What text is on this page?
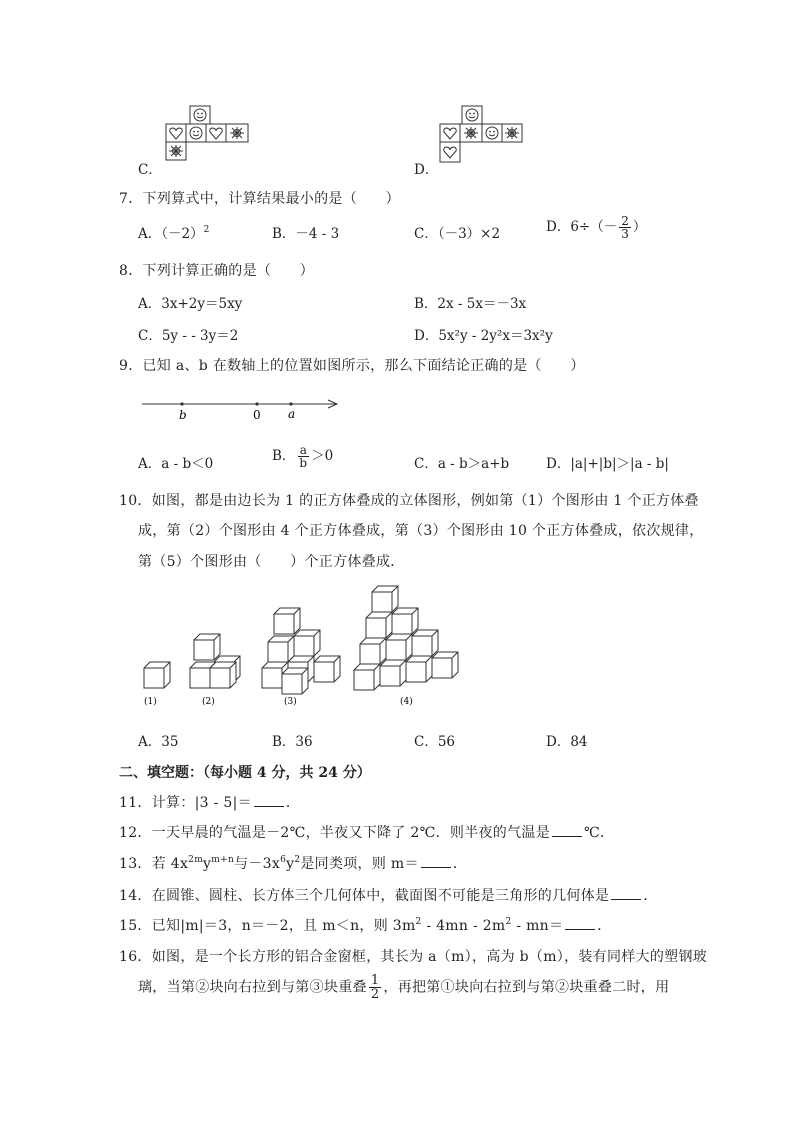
C．	D．
7．下列算式中，计算结果最小的是（　　）
A．$(-2)^2$	B．－4 - 3	C．（－3）×2	D．$6\div(- \frac{2}{3}$ ）
8．下列计算正确的是（　　）
A．3x+2y＝5xy	B．2x - 5x＝－3x
C．5y - - 3y＝2	D．5x²y - 2y²x＝3x²y
9．已知 a、b 在数轴上的位置如图所示，那么下面结论正确的是（　　）
b	0 a
A．a - b＜0	B． $\frac{a}{b} >0$	C．a - b＞a+b	D．|a|+|b|＞|a - b|
10．如图，都是由边长为 1 的正方体叠成的立体图形，例如第（1）个图形由 1 个正方体叠
成，第（2）个图形由 4 个正方体叠成，第（3）个图形由 10 个正方体叠成，依次规律，
第（5）个图形由（　　）个正方体叠成．
(1)	(2)	(3)	(4)
A．35	B．36	C．56	D．84
二、填空题：（每小题 4 分，共 24 分）
11．计算：|3 - 5|＝ ．
12．一天早晨的气温是－2℃，半夜又下降了 2℃．则半夜的气温是 ℃．
13．若 $4x^{2m}y^{m+n}$与$-3x^6y^2$是同类项，则 m＝ ．
14．在圆锥、圆柱、长方体三个几何体中，截面图不可能是三角形的几何体是 ．
15．已知|m|＝3，n＝－2，且 m＜n，则 $3m^2 - 4mn - 2m^2 - mn=$ ．
16．如图，是一个长方形的铝合金窗框，其长为 a（m），高为 b（m），装有同样大的塑钢玻
璃，当第②块向右拉到与第③块重叠 $\frac{1}{2}$ ，再把第①块向右拉到与第②块重叠二时，用
